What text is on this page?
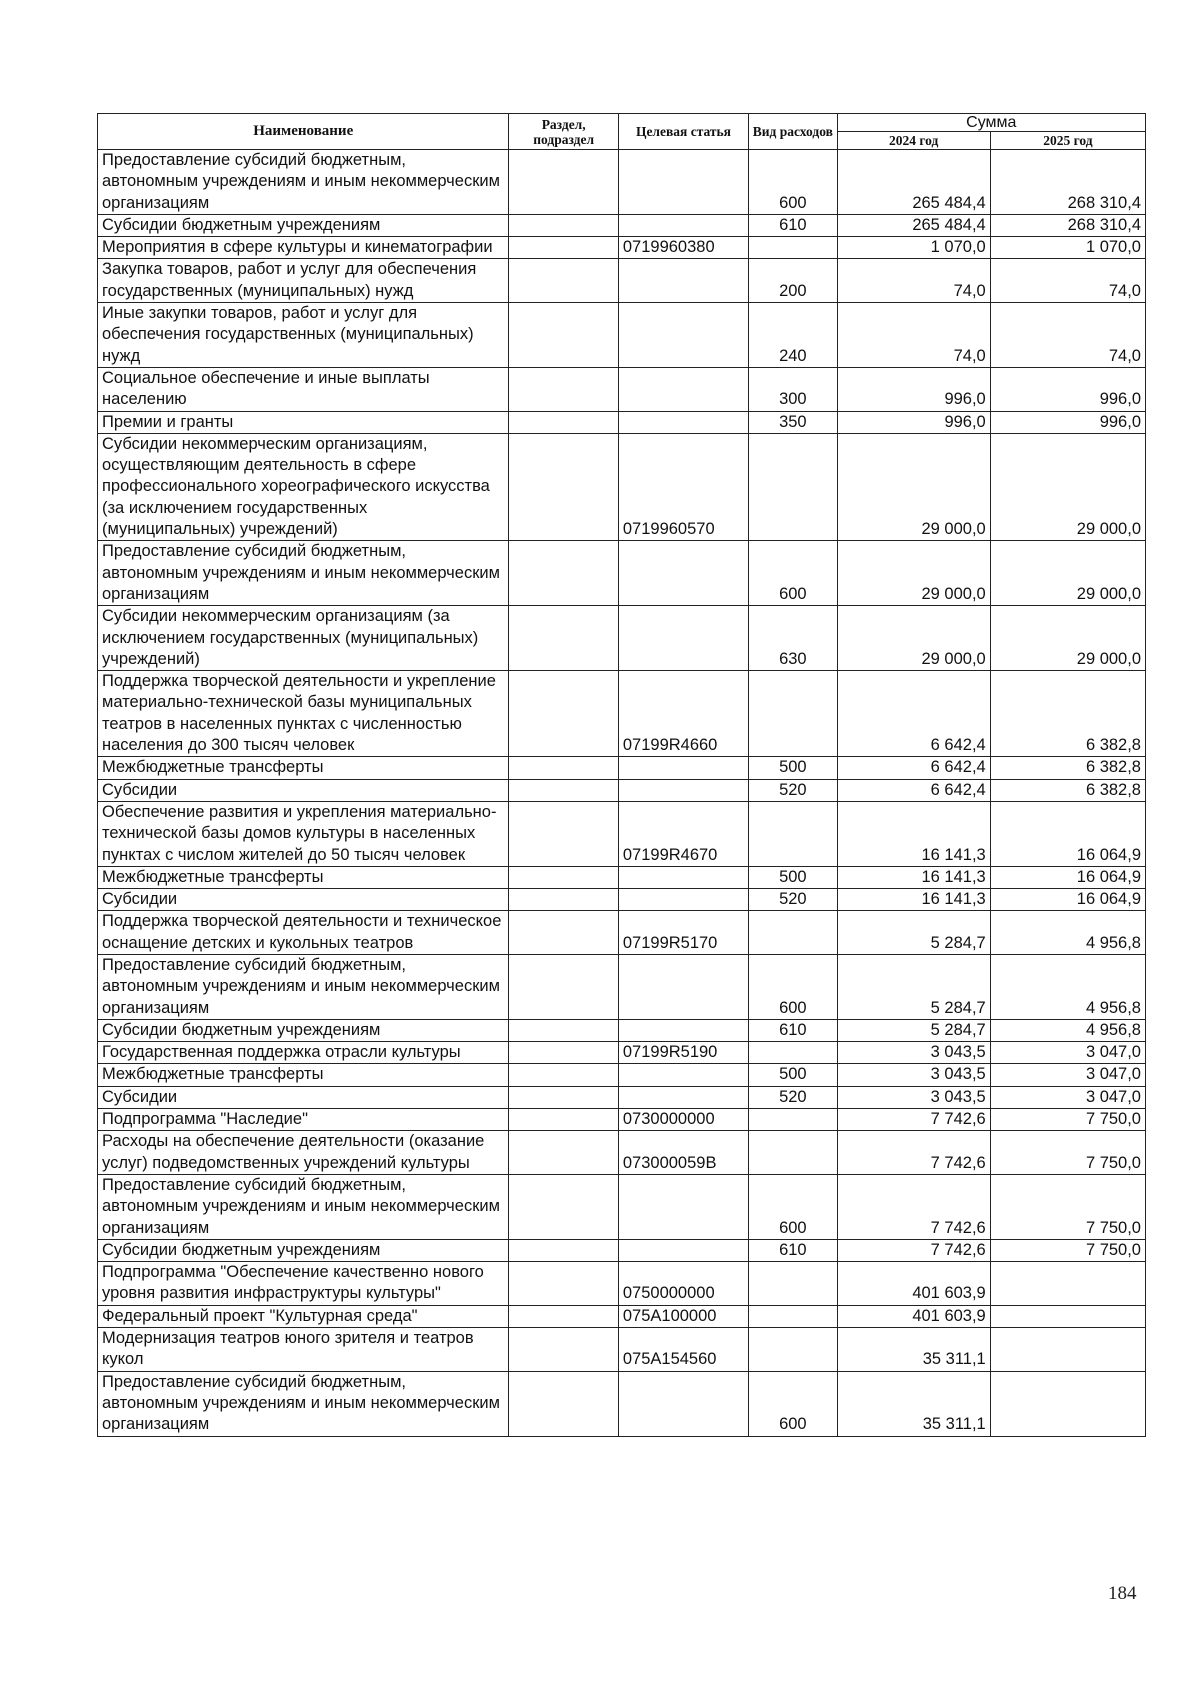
Наименование	Раздел, подраздел	Целевая статья	Вид расходов	Сумма	
				2024 год	2025 год
Предоставление субсидий бюджетным, автономным учреждениям и иным некоммерческим организациям			600	265 484,4	268 310,4
Субсидии бюджетным учреждениям			610	265 484,4	268 310,4
Мероприятия в сфере культуры и кинематографии		0719960380		1 070,0	1 070,0
Закупка товаров, работ и услуг для обеспечения государственных (муниципальных) нужд			200	74,0	74,0
Иные закупки товаров, работ и услуг для обеспечения государственных (муниципальных) нужд			240	74,0	74,0
Социальное обеспечение и иные выплаты населению			300	996,0	996,0
Премии и гранты			350	996,0	996,0
Субсидии некоммерческим организациям, осуществляющим деятельность в сфере профессионального хореографического искусства (за исключением государственных (муниципальных) учреждений)		0719960570		29 000,0	29 000,0
Предоставление субсидий бюджетным, автономным учреждениям и иным некоммерческим организациям			600	29 000,0	29 000,0
Субсидии некоммерческим организациям (за исключением государственных (муниципальных) учреждений)			630	29 000,0	29 000,0
Поддержка творческой деятельности и укрепление материально-технической базы муниципальных театров в населенных пунктах с численностью населения до 300 тысяч человек		07199R4660		6 642,4	6 382,8
Межбюджетные трансферты			500	6 642,4	6 382,8
Субсидии			520	6 642,4	6 382,8
Обеспечение развития и укрепления материально-технической базы домов культуры в населенных пунктах с числом жителей до 50 тысяч человек		07199R4670		16 141,3	16 064,9
Межбюджетные трансферты			500	16 141,3	16 064,9
Субсидии			520	16 141,3	16 064,9
Поддержка творческой деятельности и техническое оснащение детских и кукольных театров		07199R5170		5 284,7	4 956,8
Предоставление субсидий бюджетным, автономным учреждениям и иным некоммерческим организациям			600	5 284,7	4 956,8
Субсидии бюджетным учреждениям			610	5 284,7	4 956,8
Государственная поддержка отрасли культуры		07199R5190		3 043,5	3 047,0
Межбюджетные трансферты			500	3 043,5	3 047,0
Субсидии			520	3 043,5	3 047,0
Подпрограмма "Наследие"		0730000000		7 742,6	7 750,0
Расходы на обеспечение деятельности (оказание услуг) подведомственных учреждений культуры		073000059В		7 742,6	7 750,0
Предоставление субсидий бюджетным, автономным учреждениям и иным некоммерческим организациям			600	7 742,6	7 750,0
Субсидии бюджетным учреждениям			610	7 742,6	7 750,0
Подпрограмма "Обеспечение качественно нового уровня развития инфраструктуры культуры"		0750000000		401 603,9	
Федеральный проект "Культурная среда"		075А100000		401 603,9	
Модернизация театров юного зрителя и театров кукол		075А154560		35 311,1	
Предоставление субсидий бюджетным, автономным учреждениям и иным некоммерческим организациям			600	35 311,1	
184
